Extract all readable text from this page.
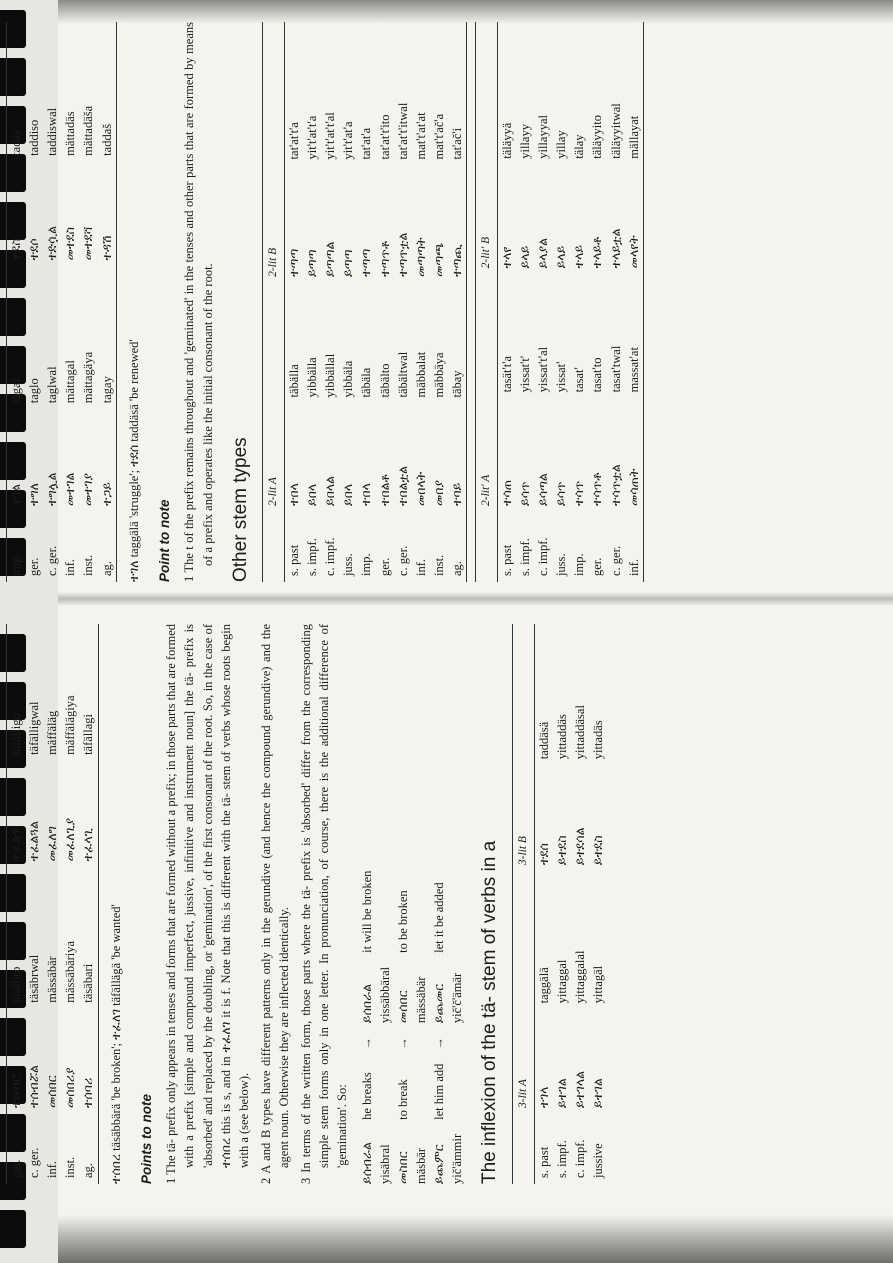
imp.	ተገል	tägal	ተደስ	tadäs
ger.	ተግለ	taglo	ተደሶ	taddiso
c. ger.	ተግሏል	taglwal	ተድሷል	taddiswal
inf.	መተገል	mättagal	መተደስ	mättadäs
inst.	መተገያ	mättagäya	መተደሻ	mättadäša
ag.	ተጋይ	tagay	ተዳሽ	taddaš

ተገለ taggälä 'struggle'; ተደሰ taddäsä 'be renewed' Point to note 1 The t of the prefix remains throughout and 'geminated' in the tenses and other parts that are formed by means of a prefix and operates like the initial consonant of the root. Other stem types
		2-lit A		2-lit B	
s. past	ተበላ	täbälla	ተጣጣ	tat'at't'a
s. impf.	ይበላ	yibbälla	ይጣጣ	yit't'at't'a
c. impf.	ይበላል	yibbällal	ይጣጣል	yit't'at't'al
juss.	ይበላ	yibbäla	ይጣጣ	yit't'at'a
imp.	ተበላ	täbäla	ተጣጣ	tat'at'a
ger.	ተበልቶ	täbälto	ተጣጥቶ	tat'at't'ito
c. ger.	ተበልቷል	täbältwal	ተጣጥቷል	tat'at't'itwal
inf.	መበላት	mäbbalat	መጣጣት	mat't'at'at
inst.	መበያ	mäbbäya	መጣጫ	mat't'ač'a
ag.	ተባይ	täbay	ተጣጪ	tat'ač'i
	2-lit' A		2-lit' B	
s. past	ተሳጠ	tasät't'a	ተላየ	täläyyä
s. impf.	ይሳጥ	yissat't'	ይላይ	yillayy
c. impf.	ይሳጣል	yissat't'al	ይላያል	yillayyal
juss.	ይሳጥ	yissat'	ይላይ	yillay
imp.	ተሳጥ	tasat'	ተላይ	tälay
ger.	ተሳጥቶ	tasat'to	ተላይቶ	täläyyito
c. ger.	ተሳጥቷል	tasat'twal	ተላይቷል	täläyyitwal
inf.	መሳጠት	massat'at	መላየት	mällayat

ger.	ተሰብሮ	täsäbro	ተፈልጎ	täfälligo
c. ger.	ተሰብሯል	täsäbrwal	ተፈልጓል	täfälligwal
inf.	መሰበር	mässäbär	መፈለግ	mäffäläg
inst.	መሰበሪያ	mässäbäriya	መፈለጊያ	mäffälägiya
ag.	ተሰባሪ	täsäbari	ተፈላጊ	täfällagi

ተሰበረ täsäbbärä 'be broken'; ተፈለገ täfällägä 'be wanted' Points to note 1 The tä- prefix only appears in tenses and forms that are formed without a prefix; in those parts that are formed with a prefix [simple and compound imperfect, jussive, infinitive and instrument noun] the tä- prefix is 'absorbed' and replaced by the doubling, or 'gemination', of the first consonant of the root. So, in the case of ተሰበረ this is s, and in ተፈለገ it is f. Note that this is different with the tä- stem of verbs whose roots begin with a (see below). 2 A and B types have different patterns only in the gerundive (and hence the compound gerundive) and the agent noun. Otherwise they are inflected identically. 3 In terms of the written form, those parts where the tä- prefix is 'absorbed' differ from the corresponding simple stem forms only in one letter. In pronunciation, of course, there is the additional difference of 'gemination'. So: ይሰብራል yisäbral	he breaks	→	ይሰበራል yissäbbäral	it will be broken
መስበር mäsbär	to break	→	መሰበር mässäbär	to be broken
ይጨምር yič'ämmir	let him add	→	ይጨመር yič'č'ämär	let it be added The inflexion of the tä- stem of verbs in a
		3-lit A		3-lit B	
s. past	ተገላ	taggälä	ተደሰ	taddäsä
s. impf.	ይተገል	yittaggal	ይተደስ	yittaddäs
c. impf.	ይተገላል	yittaggalal	ይተደሳል	yittaddäsal
jussive	ይተገል	yittagäl	ይተደስ	yittadäs
